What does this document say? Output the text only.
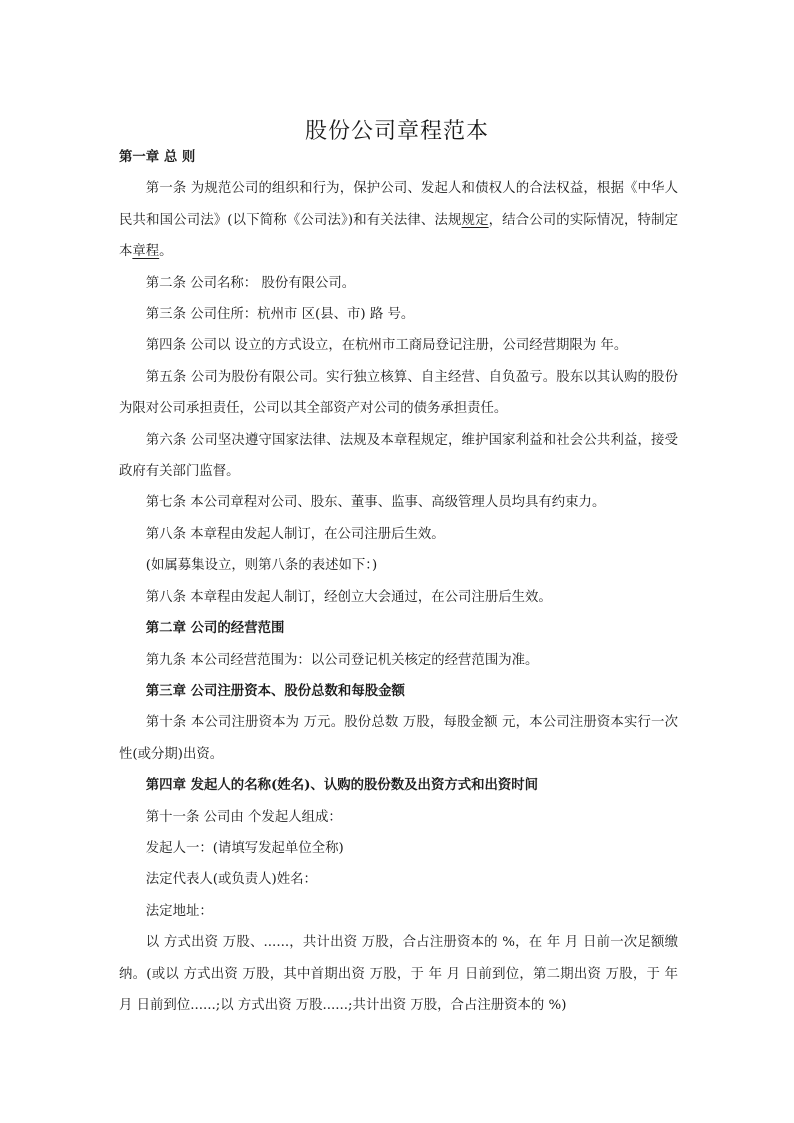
股份公司章程范本

第一章 总 则

第一条 为规范公司的组织和行为，保护公司、发起人和债权人的合法权益，根据《中华人民共和国公司法》(以下简称《公司法》)和有关法律、法规规定，结合公司的实际情况，特制定本章程。

第二条 公司名称： 股份有限公司。

第三条 公司住所：杭州市 区(县、市) 路 号。

第四条 公司以 设立的方式设立，在杭州市工商局登记注册，公司经营期限为 年。

第五条 公司为股份有限公司。实行独立核算、自主经营、自负盈亏。股东以其认购的股份为限对公司承担责任，公司以其全部资产对公司的债务承担责任。

第六条 公司坚决遵守国家法律、法规及本章程规定，维护国家利益和社会公共利益，接受政府有关部门监督。

第七条 本公司章程对公司、股东、董事、监事、高级管理人员均具有约束力。

第八条 本章程由发起人制订，在公司注册后生效。

(如属募集设立，则第八条的表述如下：)

第八条 本章程由发起人制订，经创立大会通过，在公司注册后生效。

第二章 公司的经营范围

第九条 本公司经营范围为：以公司登记机关核定的经营范围为准。

第三章 公司注册资本、股份总数和每股金额

第十条 本公司注册资本为 万元。股份总数 万股，每股金额 元，本公司注册资本实行一次性(或分期)出资。

第四章 发起人的名称(姓名)、认购的股份数及出资方式和出资时间

第十一条 公司由 个发起人组成：

发起人一：(请填写发起单位全称)

法定代表人(或负责人)姓名：

法定地址：

以 方式出资 万股、......，共计出资 万股，合占注册资本的 %，在 年 月 日前一次足额缴纳。(或以 方式出资 万股，其中首期出资 万股，于 年 月 日前到位，第二期出资 万股，于 年 月 日前到位......;以 方式出资 万股......;共计出资 万股，合占注册资本的 %)
